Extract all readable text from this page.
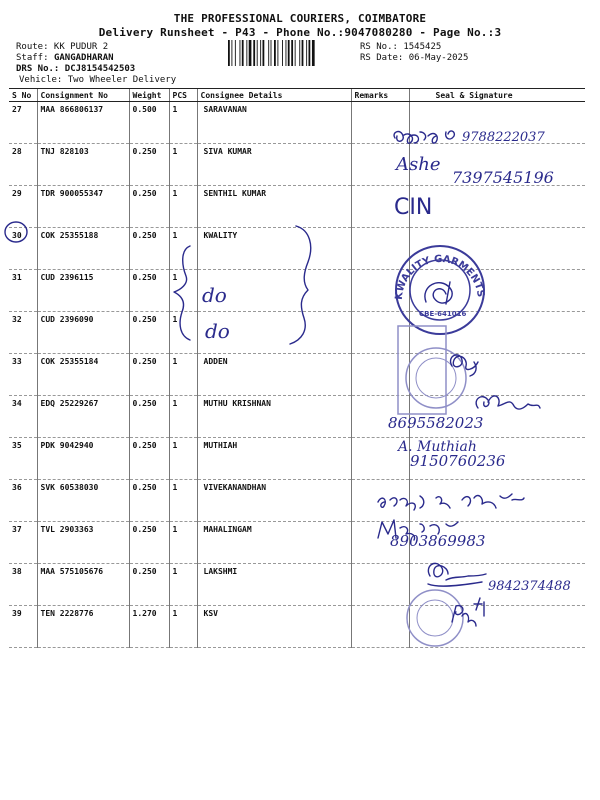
THE PROFESSIONAL COURIERS, COIMBATORE
Delivery Runsheet - P43 - Phone No.:9047080280 - Page No.:3
Route: KK PUDUR 2
Staff: GANGADHARAN
DRS No.: DCJ8154542503
Vehicle: Two Wheeler Delivery
RS No.: 1545425
RS Date: 06-May-2025
S No	Consignment No	Weight	PCS	Consignee Details	Remarks	Seal & Signature
27	MAA 866806137	0.500	1	SARAVANAN		
28	TNJ 828103	0.250	1	SIVA KUMAR		
29	TDR 900055347	0.250	1	SENTHIL KUMAR		
30	COK 25355188	0.250	1	KWALITY		
31	CUD 2396115	0.250	1			
32	CUD 2396090	0.250	1			
33	COK 25355184	0.250	1	ADDEN		
34	EDQ 25229267	0.250	1	MUTHU KRISHNAN		
35	PDK 9042940	0.250	1	MUTHIAH		
36	SVK 60538030	0.250	1	VIVEKANANDHAN		
37	TVL 2903363	0.250	1	MAHALINGAM		
38	MAA 575105676	0.250	1	LAKSHMI		
39	TEN 2228776	1.270	1	KSV		
9788222037
Ashe
7397545196
CIN
do
do
KWALITY GARMENTS
CBE-641016
8695582023
A. Muthiah
9150760236
8903869983
9842374488
